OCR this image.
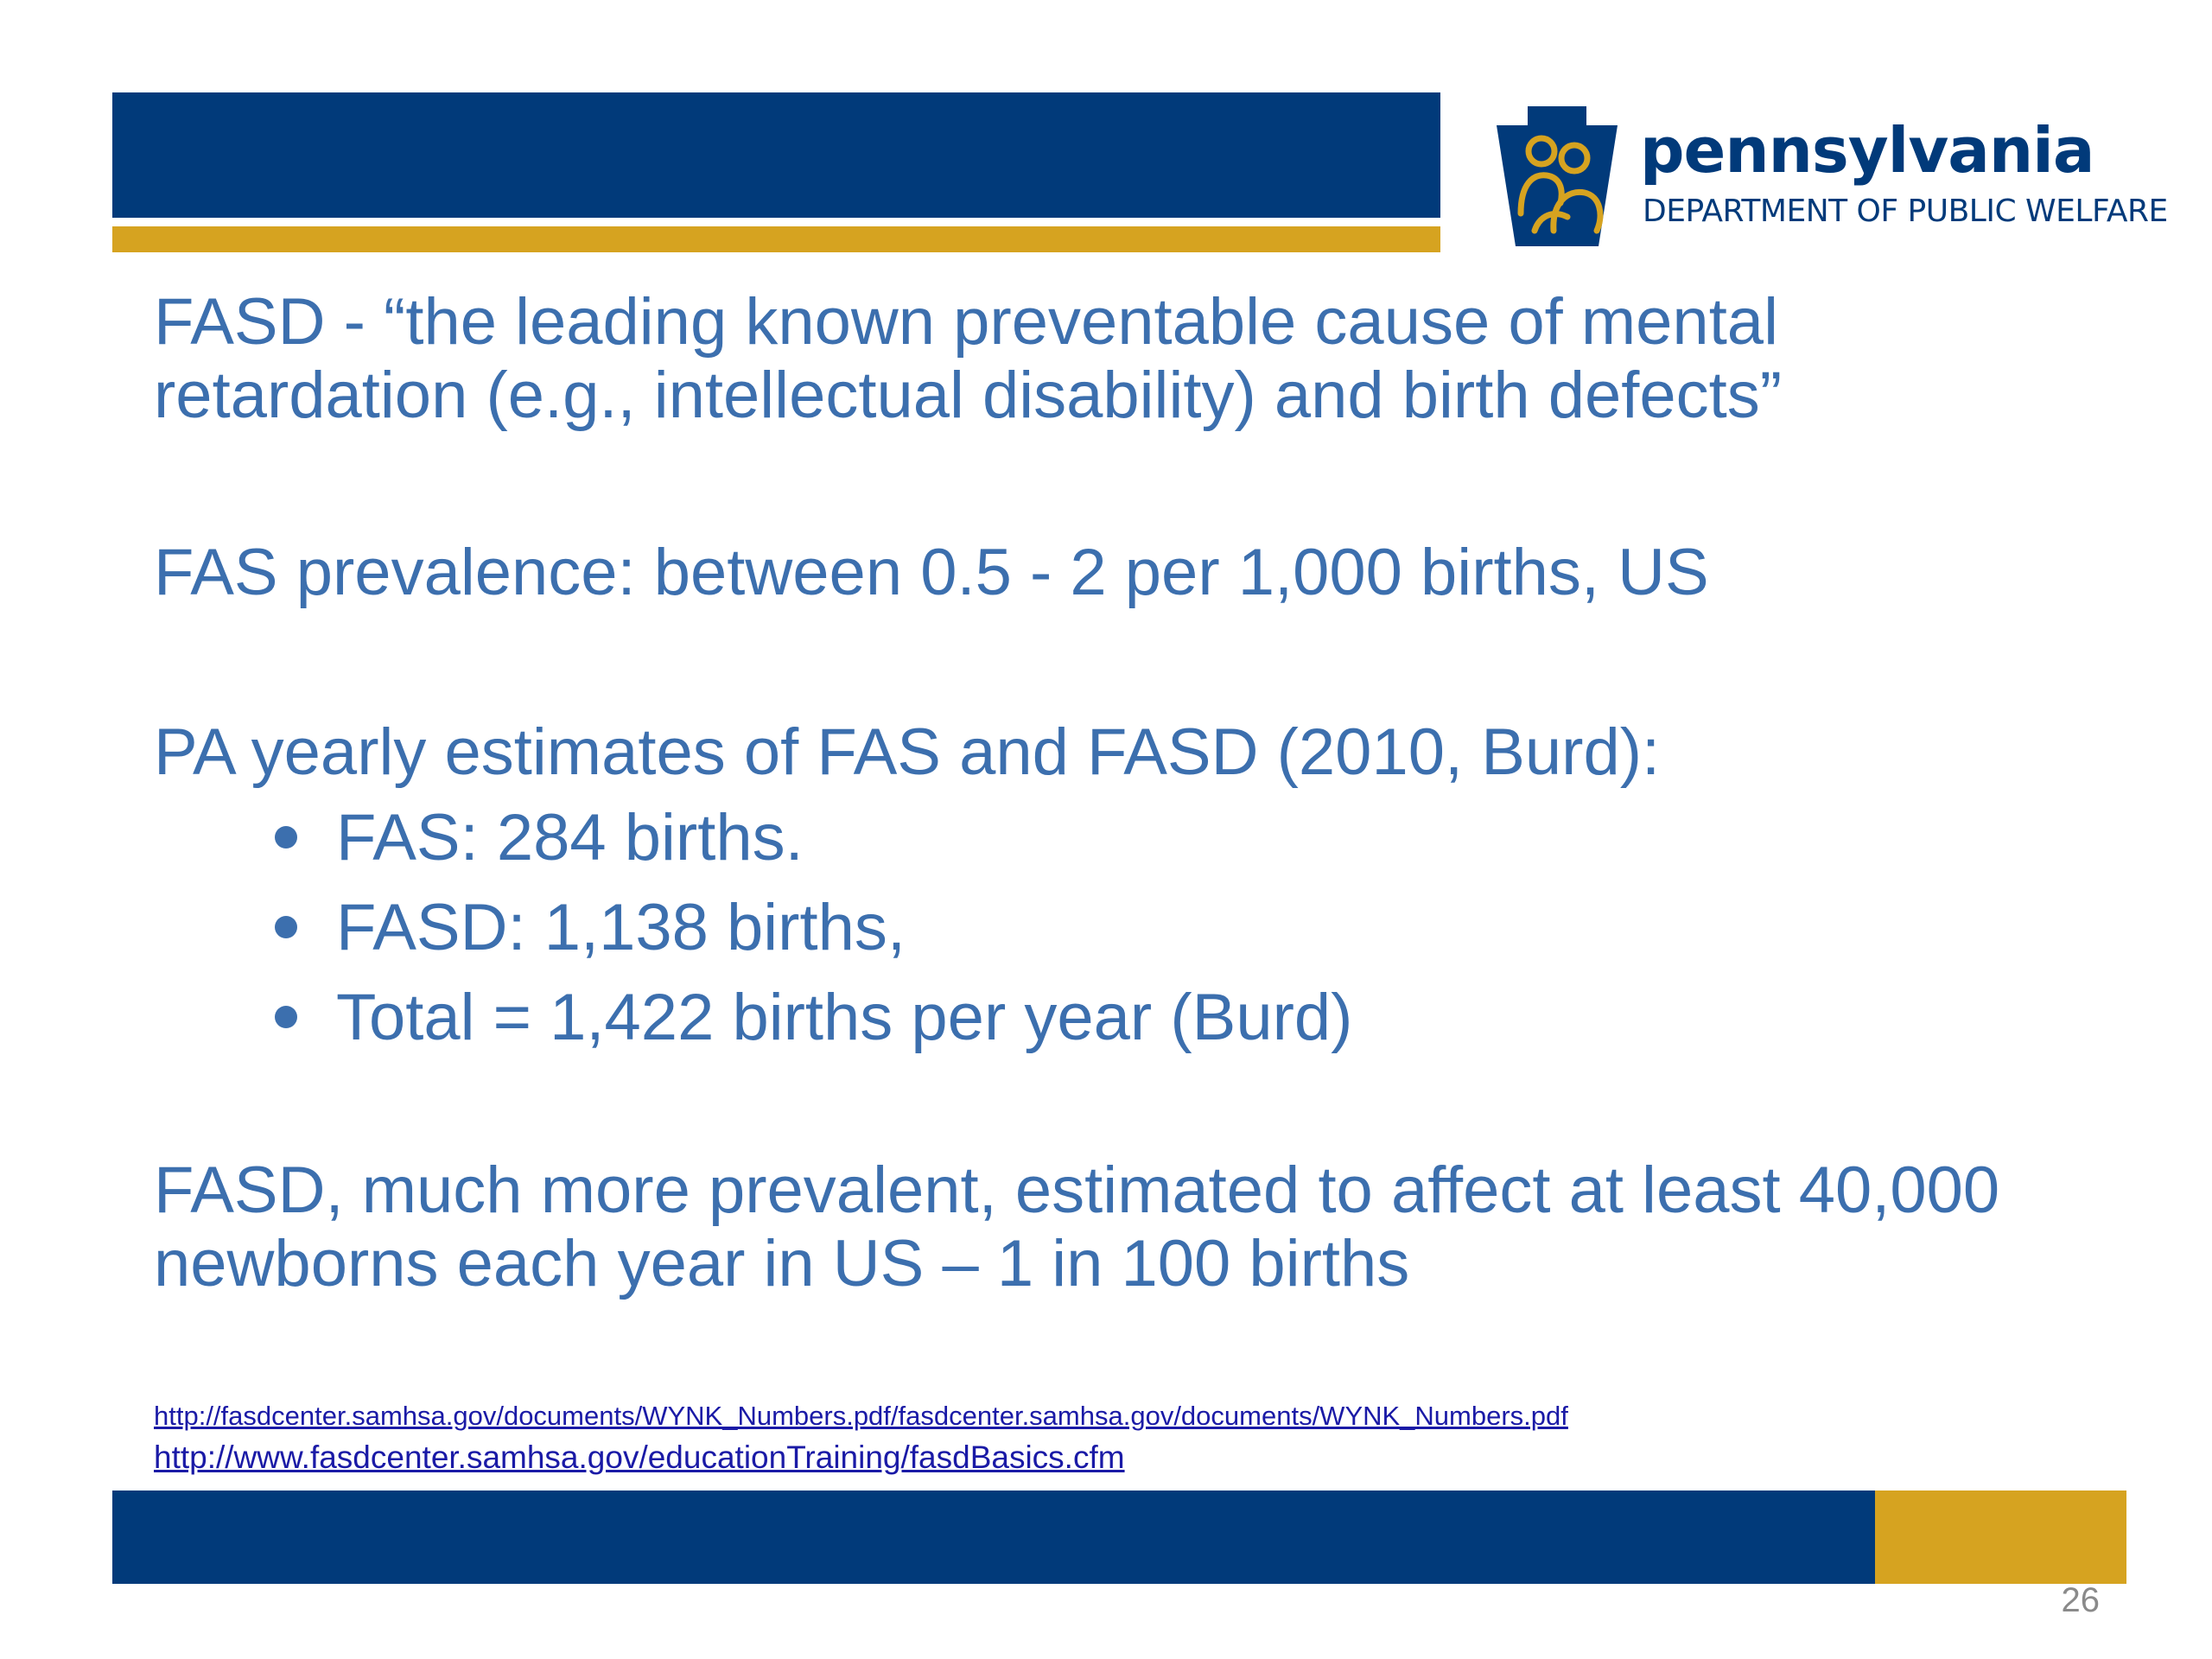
pennsylvania
DEPARTMENT OF PUBLIC WELFARE

FASD - “the leading known preventable cause of mental retardation (e.g., intellectual disability) and birth defects”

FAS prevalence: between 0.5 - 2 per 1,000 births, US

PA yearly estimates of FAS and FASD (2010, Burd):

FAS: 284 births.
FASD: 1,138 births,
Total = 1,422 births per year (Burd)

FASD, much more prevalent, estimated to affect at least 40,000 newborns each year in US – 1 in 100 births

http://fasdcenter.samhsa.gov/documents/WYNK_Numbers.pdf/fasdcenter.samhsa.gov/documents/WYNK_Numbers.pdf
http://www.fasdcenter.samhsa.gov/educationTraining/fasdBasics.cfm
26
